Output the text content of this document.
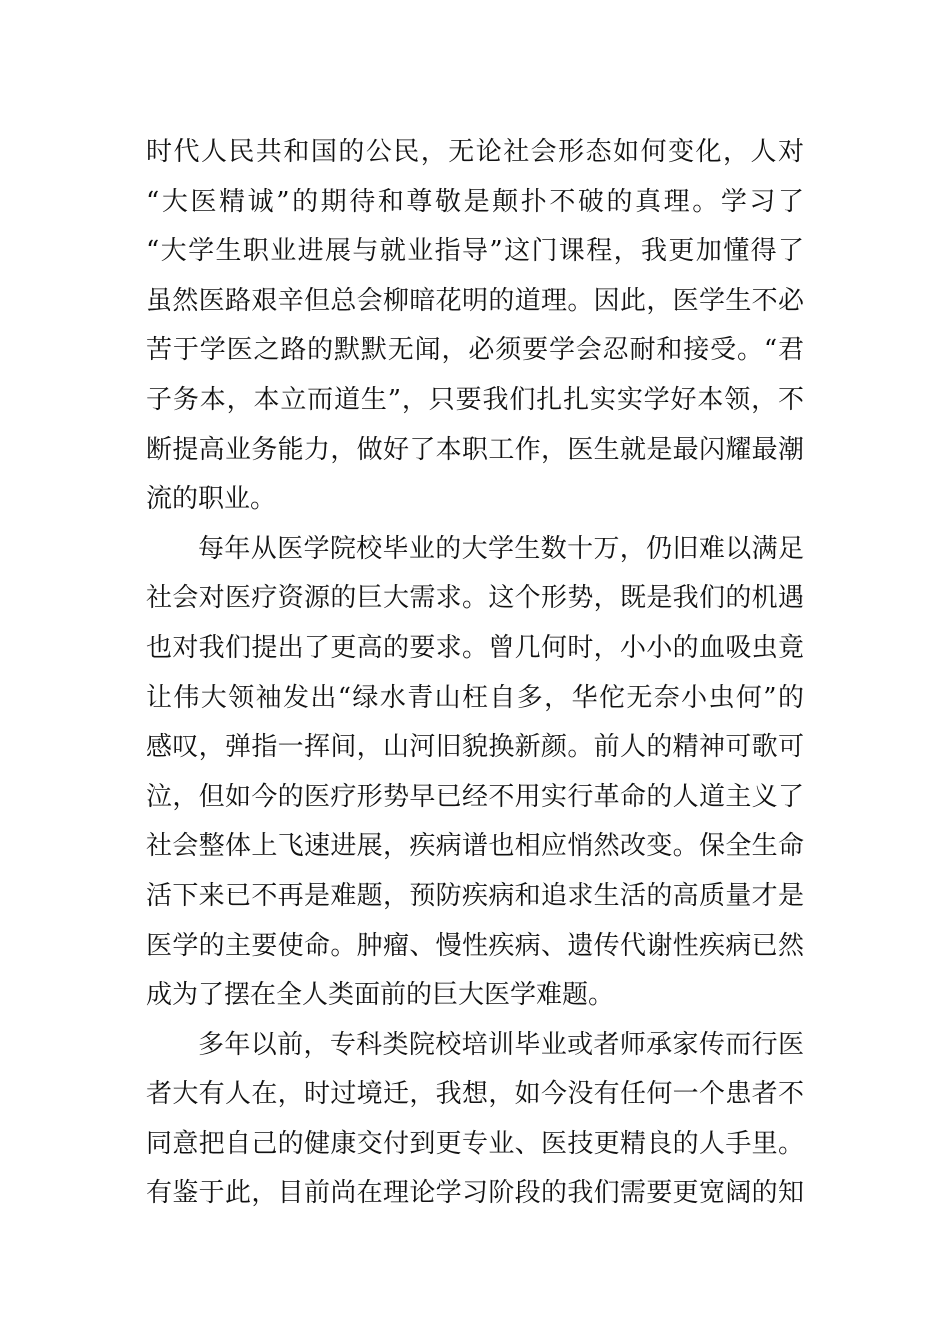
时代人民共和国的公民，无论社会形态如何变化，人对
“大医精诚”的期待和尊敬是颠扑不破的真理。学习了
“大学生职业进展与就业指导”这门课程，我更加懂得了
虽然医路艰辛但总会柳暗花明的道理。因此，医学生不必
苦于学医之路的默默无闻，必须要学会忍耐和接受。“君
子务本，本立而道生”，只要我们扎扎实实学好本领，不
断提高业务能力，做好了本职工作，医生就是最闪耀最潮
流的职业。
每年从医学院校毕业的大学生数十万，仍旧难以满足
社会对医疗资源的巨大需求。这个形势，既是我们的机遇
也对我们提出了更高的要求。曾几何时，小小的血吸虫竟
让伟大领袖发出“绿水青山枉自多，华佗无奈小虫何”的
感叹，弹指一挥间，山河旧貌换新颜。前人的精神可歌可
泣，但如今的医疗形势早已经不用实行革命的人道主义了
社会整体上飞速进展，疾病谱也相应悄然改变。保全生命
活下来已不再是难题，预防疾病和追求生活的高质量才是
医学的主要使命。肿瘤、慢性疾病、遗传代谢性疾病已然
成为了摆在全人类面前的巨大医学难题。
多年以前，专科类院校培训毕业或者师承家传而行医
者大有人在，时过境迁，我想，如今没有任何一个患者不
同意把自己的健康交付到更专业、医技更精良的人手里。
有鉴于此，目前尚在理论学习阶段的我们需要更宽阔的知
